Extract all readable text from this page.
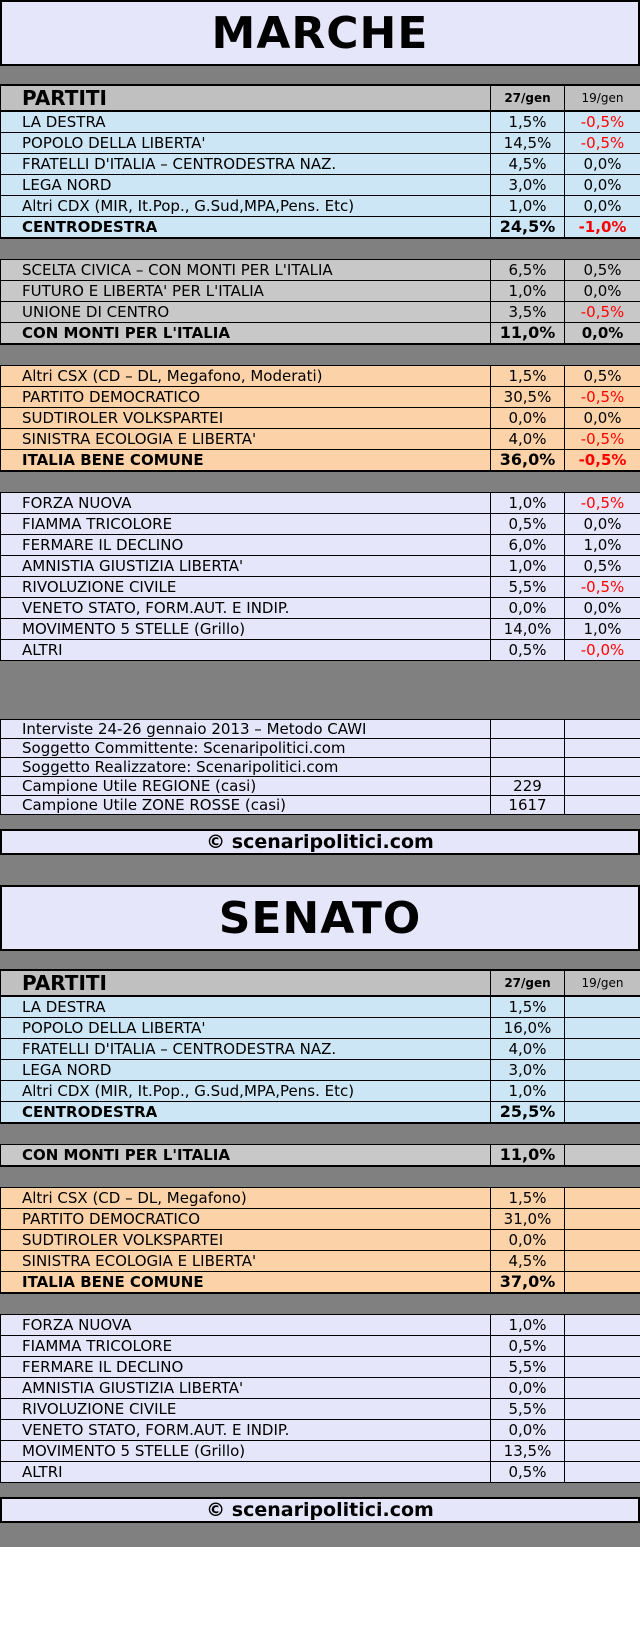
MARCHE
PARTITI	27/gen	19/gen
LA DESTRA	1,5%	-0,5%
POPOLO DELLA LIBERTA'	14,5%	-0,5%
FRATELLI D'ITALIA – CENTRODESTRA NAZ.	4,5%	0,0%
LEGA NORD	3,0%	0,0%
Altri CDX (MIR, It.Pop., G.Sud,MPA,Pens. Etc)	1,0%	0,0%
CENTRODESTRA	24,5%	-1,0%
SCELTA CIVICA – CON MONTI PER L'ITALIA	6,5%	0,5%
FUTURO E LIBERTA' PER L'ITALIA	1,0%	0,0%
UNIONE DI CENTRO	3,5%	-0,5%
CON MONTI PER L'ITALIA	11,0%	0,0%
Altri CSX (CD – DL, Megafono, Moderati)	1,5%	0,5%
PARTITO DEMOCRATICO	30,5%	-0,5%
SUDTIROLER VOLKSPARTEI	0,0%	0,0%
SINISTRA ECOLOGIA E LIBERTA'	4,0%	-0,5%
ITALIA BENE COMUNE	36,0%	-0,5%
FORZA NUOVA	1,0%	-0,5%
FIAMMA TRICOLORE	0,5%	0,0%
FERMARE IL DECLINO	6,0%	1,0%
AMNISTIA GIUSTIZIA LIBERTA'	1,0%	0,5%
RIVOLUZIONE CIVILE	5,5%	-0,5%
VENETO STATO, FORM.AUT. E INDIP.	0,0%	0,0%
MOVIMENTO 5 STELLE (Grillo)	14,0%	1,0%
ALTRI	0,5%	-0,0%
Interviste 24-26 gennaio 2013 – Metodo CAWI		
Soggetto Committente: Scenaripolitici.com		
Soggetto Realizzatore: Scenaripolitici.com		
Campione Utile REGIONE (casi)	229	
Campione Utile ZONE ROSSE (casi)	1617	
© scenaripolitici.com
SENATO
PARTITI	27/gen	19/gen
LA DESTRA	1,5%	
POPOLO DELLA LIBERTA'	16,0%	
FRATELLI D'ITALIA – CENTRODESTRA NAZ.	4,0%	
LEGA NORD	3,0%	
Altri CDX (MIR, It.Pop., G.Sud,MPA,Pens. Etc)	1,0%	
CENTRODESTRA	25,5%	
CON MONTI PER L'ITALIA	11,0%	
Altri CSX (CD – DL, Megafono)	1,5%	
PARTITO DEMOCRATICO	31,0%	
SUDTIROLER VOLKSPARTEI	0,0%	
SINISTRA ECOLOGIA E LIBERTA'	4,5%	
ITALIA BENE COMUNE	37,0%	
FORZA NUOVA	1,0%	
FIAMMA TRICOLORE	0,5%	
FERMARE IL DECLINO	5,5%	
AMNISTIA GIUSTIZIA LIBERTA'	0,0%	
RIVOLUZIONE CIVILE	5,5%	
VENETO STATO, FORM.AUT. E INDIP.	0,0%	
MOVIMENTO 5 STELLE (Grillo)	13,5%	
ALTRI	0,5%	
© scenaripolitici.com
